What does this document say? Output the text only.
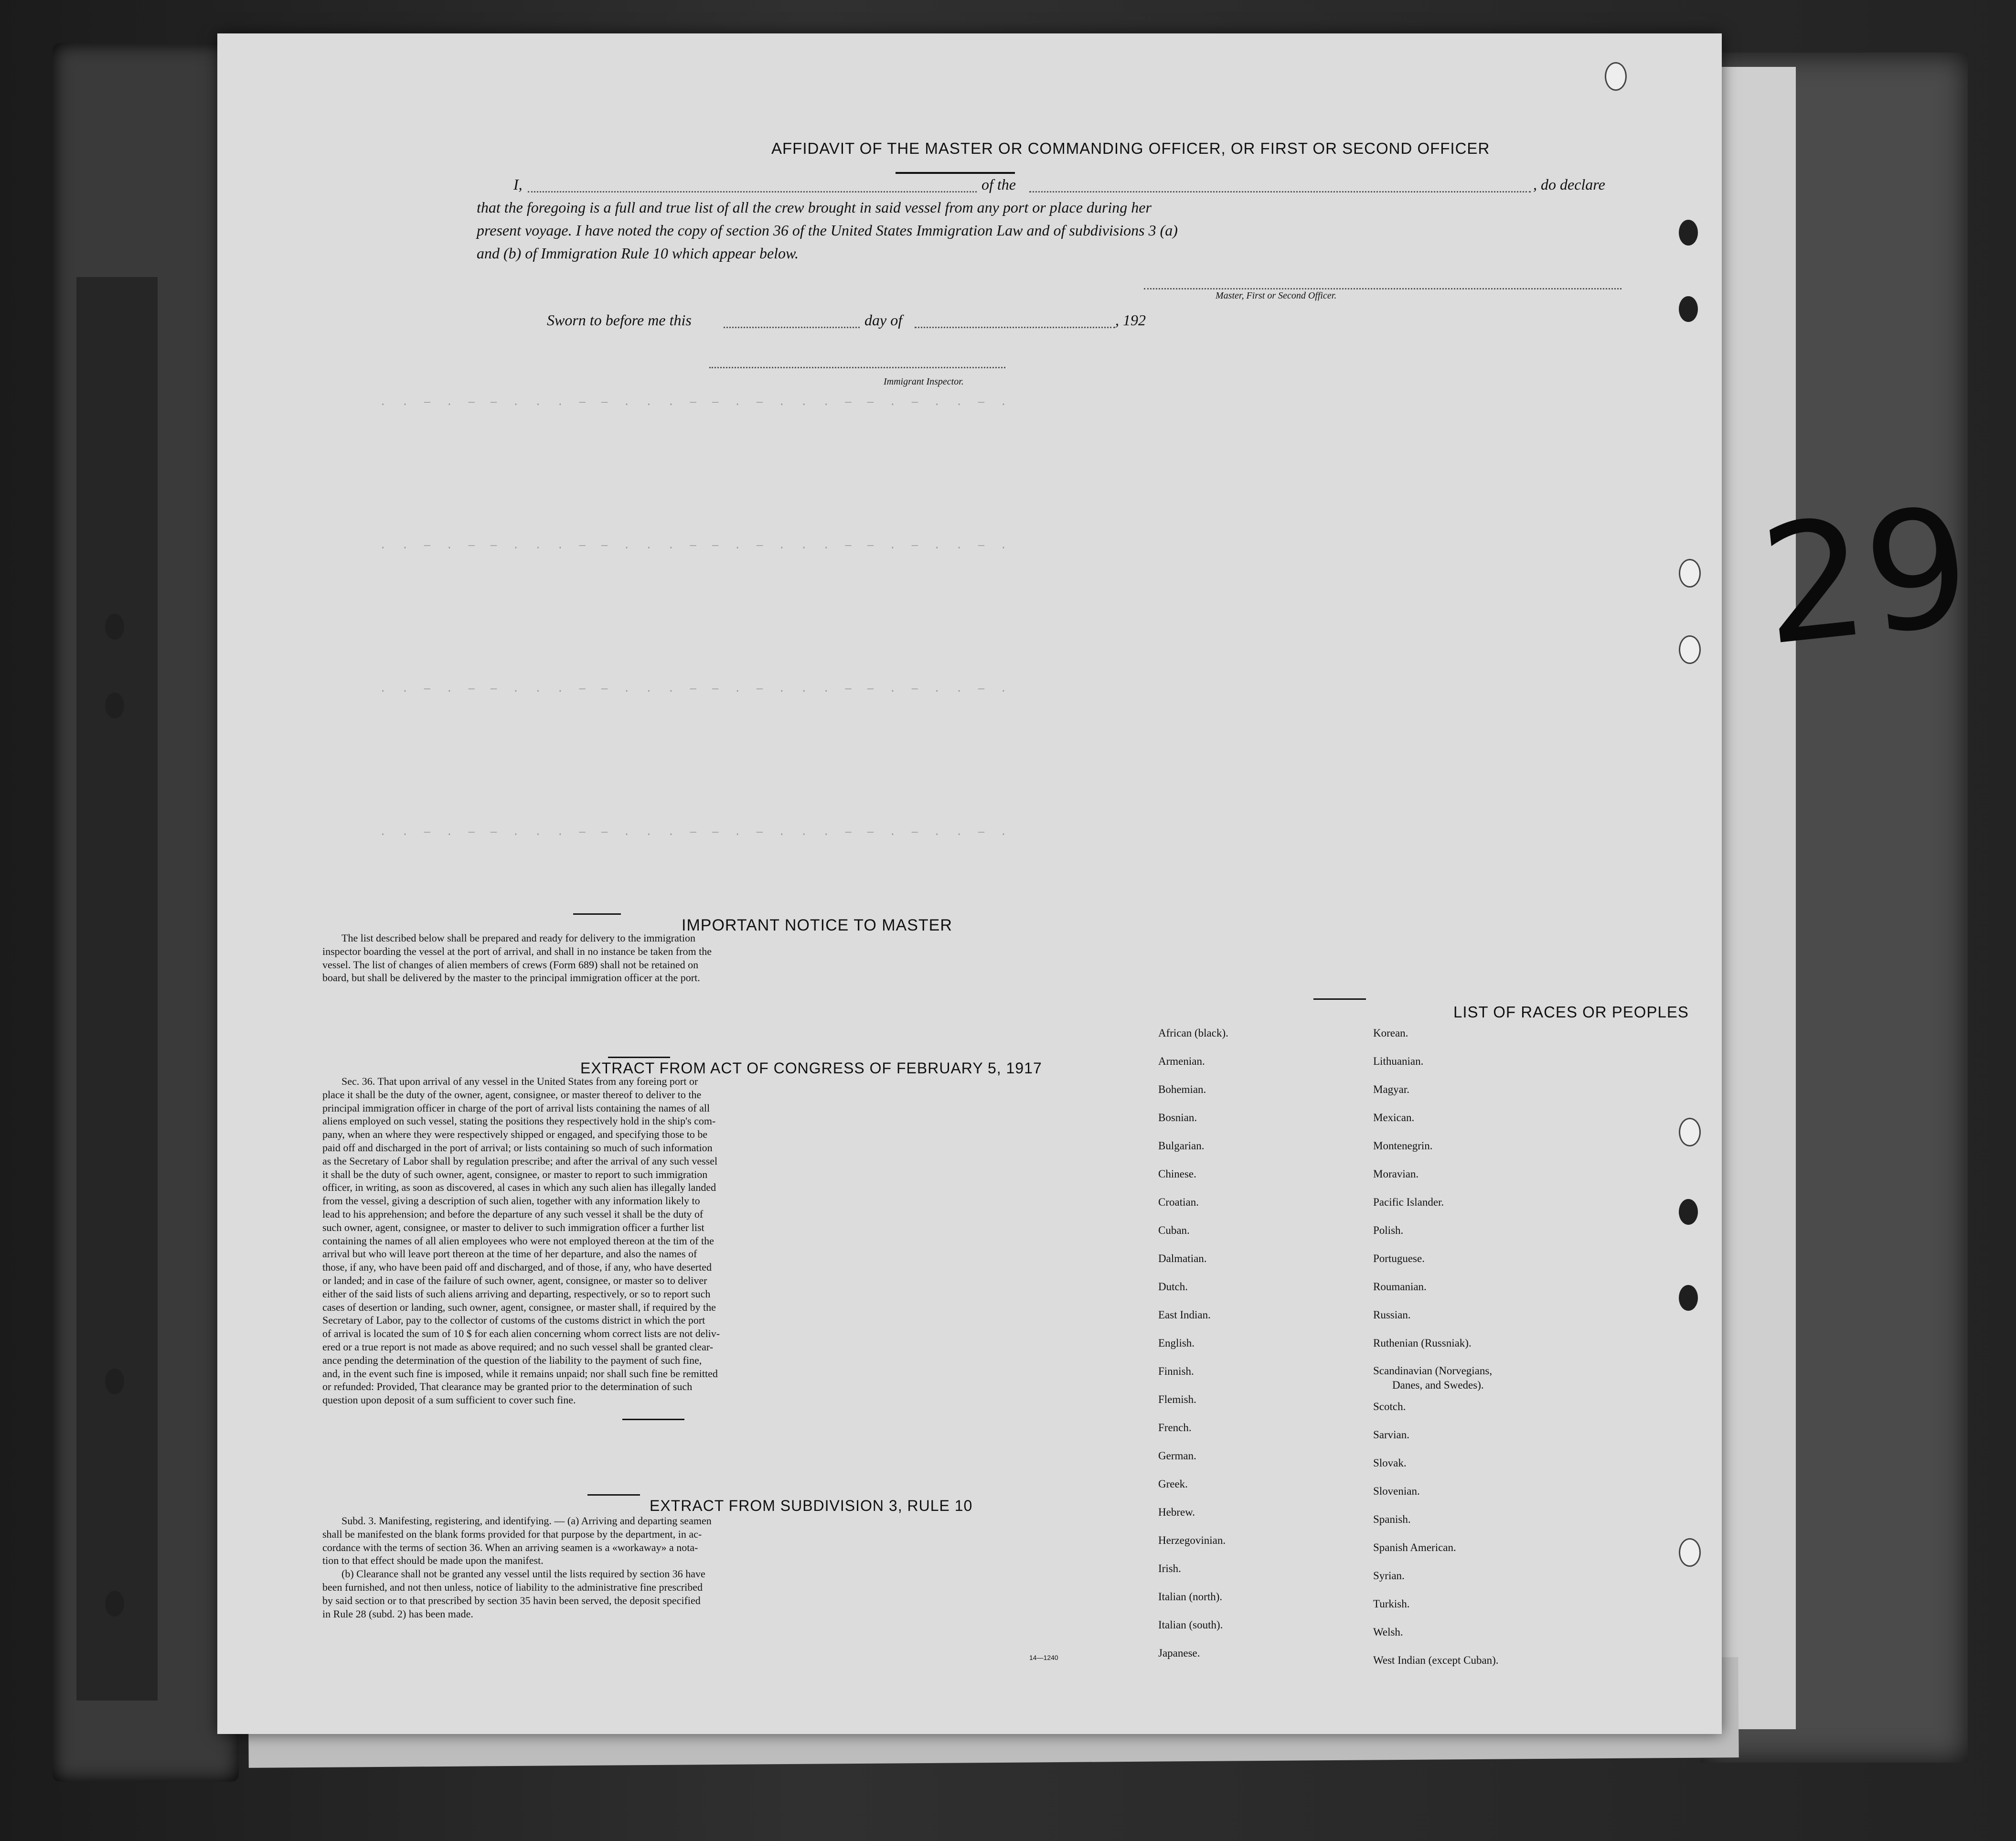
29
. . — . — — . . . — — . . . — — . — . . . — — . — . . — .
. . — . — — . . . — — . . . — — . — . . . — — . — . . — .
. . — . — — . . . — — . . . — — . — . . . — — . — . . — .
. . — . — — . . . — — . . . — — . — . . . — — . — . . — .
AFFIDAVIT OF THE MASTER OR COMMANDING OFFICER, OR FIRST OR SECOND OFFICER
I,	of the	, do declare
that the foregoing is a full and true list of all the crew brought in said vessel from any port or place during her
present voyage. I have noted the copy of section 36 of the United States Immigration Law and of subdivisions 3 (a)
and (b) of Immigration Rule 10 which appear below.
Master, First or Second Officer.
Sworn to before me this	day of	, 192
Immigrant Inspector.
IMPORTANT NOTICE TO MASTER

The list described below shall be prepared and ready for delivery to the immigration

inspector boarding the vessel at the port of arrival, and shall in no instance be taken from the

vessel. The list of changes of alien members of crews (Form 689) shall not be retained on

board, but shall be delivered by the master to the principal immigration officer at the port.

EXTRACT FROM ACT OF CONGRESS OF FEBRUARY 5, 1917

Sec. 36. That upon arrival of any vessel in the United States from any foreing port or

place it shall be the duty of the owner, agent, consignee, or master thereof to deliver to the

principal immigration officer in charge of the port of arrival lists containing the names of all

aliens employed on such vessel, stating the positions they respectively hold in the ship's com-

pany, when an where they were respectively shipped or engaged, and specifying those to be

paid off and discharged in the port of arrival; or lists containing so much of such information

as the Secretary of Labor shall by regulation prescribe; and after the arrival of any such vessel

it shall be the duty of such owner, agent, consignee, or master to report to such immigration

officer, in writing, as soon as discovered, al cases in which any such alien has illegally landed

from the vessel, giving a description of such alien, together with any information likely to

lead to his apprehension; and before the departure of any such vessel it shall be the duty of

such owner, agent, consignee, or master to deliver to such immigration officer a further list

containing the names of all alien employees who were not employed thereon at the tim of the

arrival but who will leave port thereon at the time of her departure, and also the names of

those, if any, who have been paid off and discharged, and of those, if any, who have deserted

or landed; and in case of the failure of such owner, agent, consignee, or master so to deliver

either of the said lists of such aliens arriving and departing, respectively, or so to report such

cases of desertion or landing, such owner, agent, consignee, or master shall, if required by the

Secretary of Labor, pay to the collector of customs of the customs district in which the port

of arrival is located the sum of 10 $ for each alien concerning whom correct lists are not deliv-

ered or a true report is not made as above required; and no such vessel shall be granted clear-

ance pending the determination of the question of the liability to the payment of such fine,

and, in the event such fine is imposed, while it remains unpaid; nor shall such fine be remitted

or refunded: Provided, That clearance may be granted prior to the determination of such

question upon deposit of a sum sufficient to cover such fine.

EXTRACT FROM SUBDIVISION 3, RULE 10

Subd. 3. Manifesting, registering, and identifying. — (a) Arriving and departing seamen

shall be manifested on the blank forms provided for that purpose by the department, in ac-

cordance with the terms of section 36. When an arriving seamen is a «workaway» a nota-

tion to that effect should be made upon the manifest.

(b) Clearance shall not be granted any vessel until the lists required by section 36 have

been furnished, and not then unless, notice of liability to the administrative fine prescribed

by said section or to that prescribed by section 35 havin been served, the deposit specified

in Rule 28 (subd. 2) has been made.

14—1240
LIST OF RACES OR PEOPLES
African (black).
Armenian.
Bohemian.
Bosnian.
Bulgarian.
Chinese.
Croatian.
Cuban.
Dalmatian.
Dutch.
East Indian.
English.
Finnish.
Flemish.
French.
German.
Greek.
Hebrew.
Herzegovinian.
Irish.
Italian (north).
Italian (south).
Japanese.
Korean.
Lithuanian.
Magyar.
Mexican.
Montenegrin.
Moravian.
Pacific Islander.
Polish.
Portuguese.
Roumanian.
Russian.
Ruthenian (Russniak).
Scandinavian (Norvegians,
Danes, and Swedes).
Scotch.
Sarvian.
Slovak.
Slovenian.
Spanish.
Spanish American.
Syrian.
Turkish.
Welsh.
West Indian (except Cuban).
